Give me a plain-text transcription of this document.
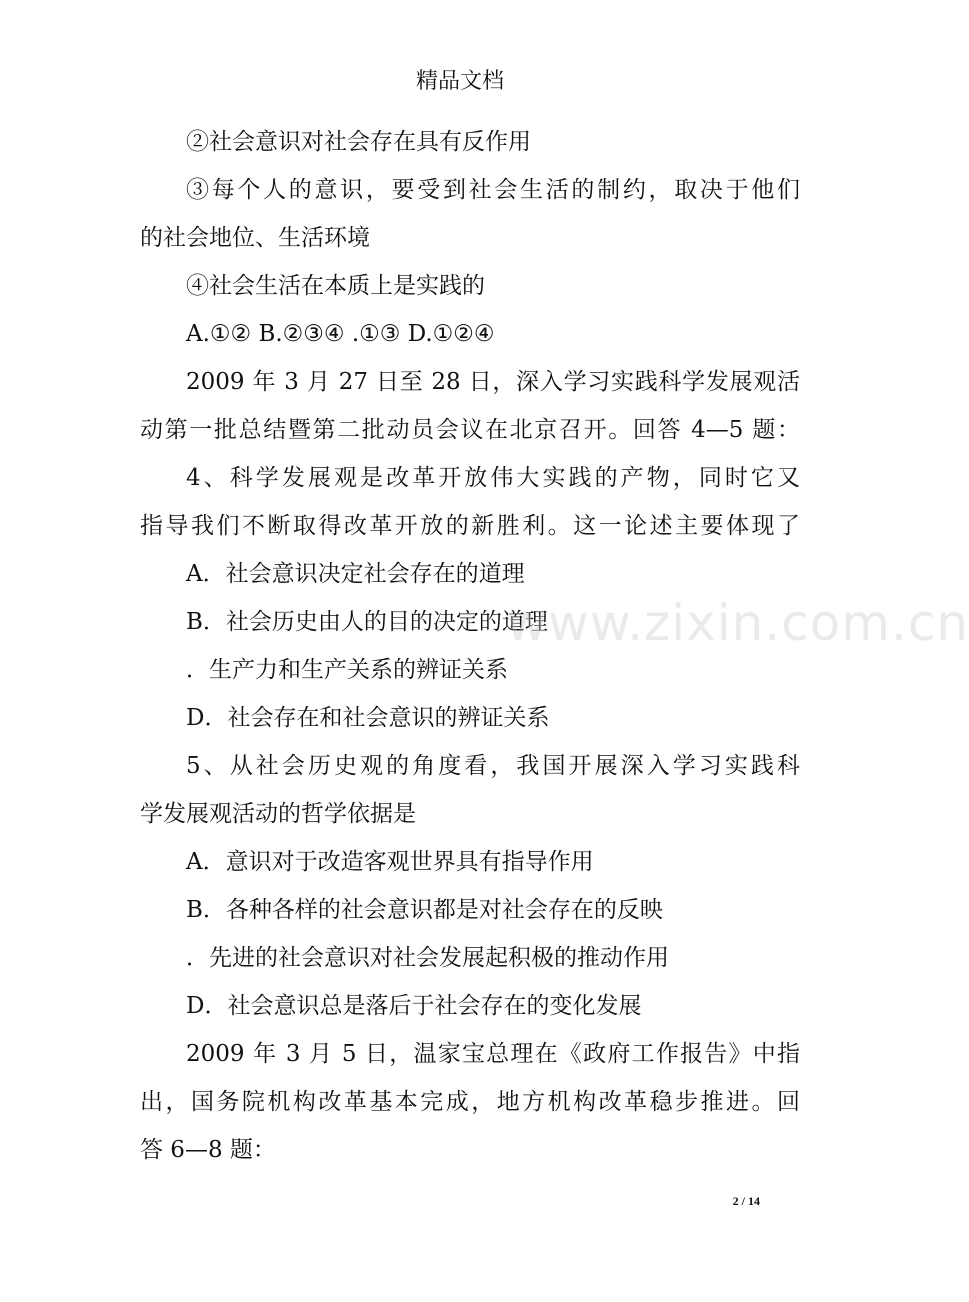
精品文档
②社会意识对社会存在具有反作用
③每个人的意识，要受到社会生活的制约，取决于他们
的社会地位、生活环境
④社会生活在本质上是实践的
A.①② B.②③④ .①③ D.①②④
2009 年 3 月 27 日至 28 日，深入学习实践科学发展观活
动第一批总结暨第二批动员会议在北京召开。回答 4—5 题：
4、科学发展观是改革开放伟大实践的产物，同时它又
指导我们不断取得改革开放的新胜利。这一论述主要体现了
A．社会意识决定社会存在的道理
B．社会历史由人的目的决定的道理
．生产力和生产关系的辨证关系
D．社会存在和社会意识的辨证关系
5、从社会历史观的角度看，我国开展深入学习实践科
学发展观活动的哲学依据是
A．意识对于改造客观世界具有指导作用
B．各种各样的社会意识都是对社会存在的反映
．先进的社会意识对社会发展起积极的推动作用
D．社会意识总是落后于社会存在的变化发展
2009 年 3 月 5 日，温家宝总理在《政府工作报告》中指
出，国务院机构改革基本完成，地方机构改革稳步推进。回
答 6—8 题：
www.zixin.com.cn
2 / 14
